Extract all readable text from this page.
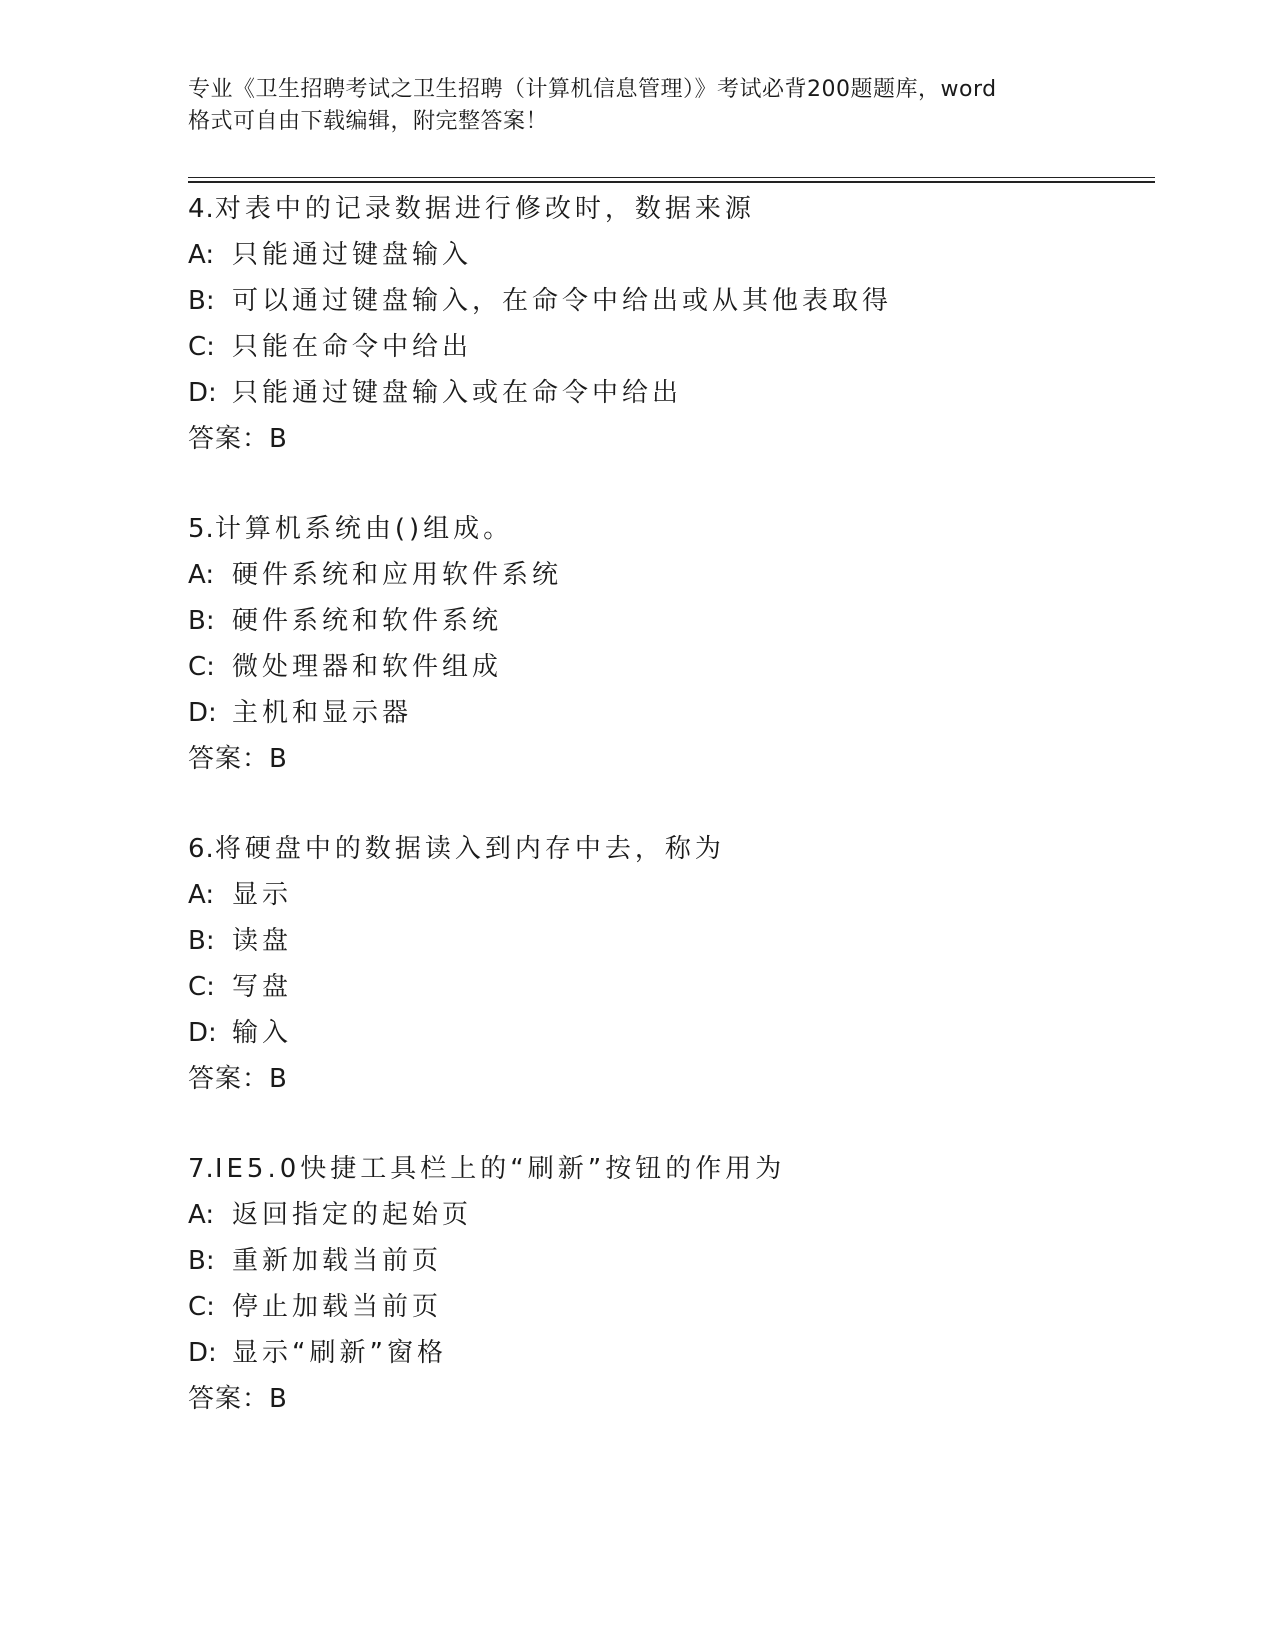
专业《卫生招聘考试之卫生招聘（计算机信息管理）》考试必背200题题库，word
格式可自由下载编辑，附完整答案！
4.对表中的记录数据进行修改时，数据来源
A: 只能通过键盘输入
B: 可以通过键盘输入，在命令中给出或从其他表取得
C: 只能在命令中给出
D: 只能通过键盘输入或在命令中给出
答案：B
5.计算机系统由()组成。
A: 硬件系统和应用软件系统
B: 硬件系统和软件系统
C: 微处理器和软件组成
D: 主机和显示器
答案：B
6.将硬盘中的数据读入到内存中去，称为
A: 显示
B: 读盘
C: 写盘
D: 输入
答案：B
7.IE5.0快捷工具栏上的“刷新”按钮的作用为
A: 返回指定的起始页
B: 重新加载当前页
C: 停止加载当前页
D: 显示“刷新”窗格
答案：B
